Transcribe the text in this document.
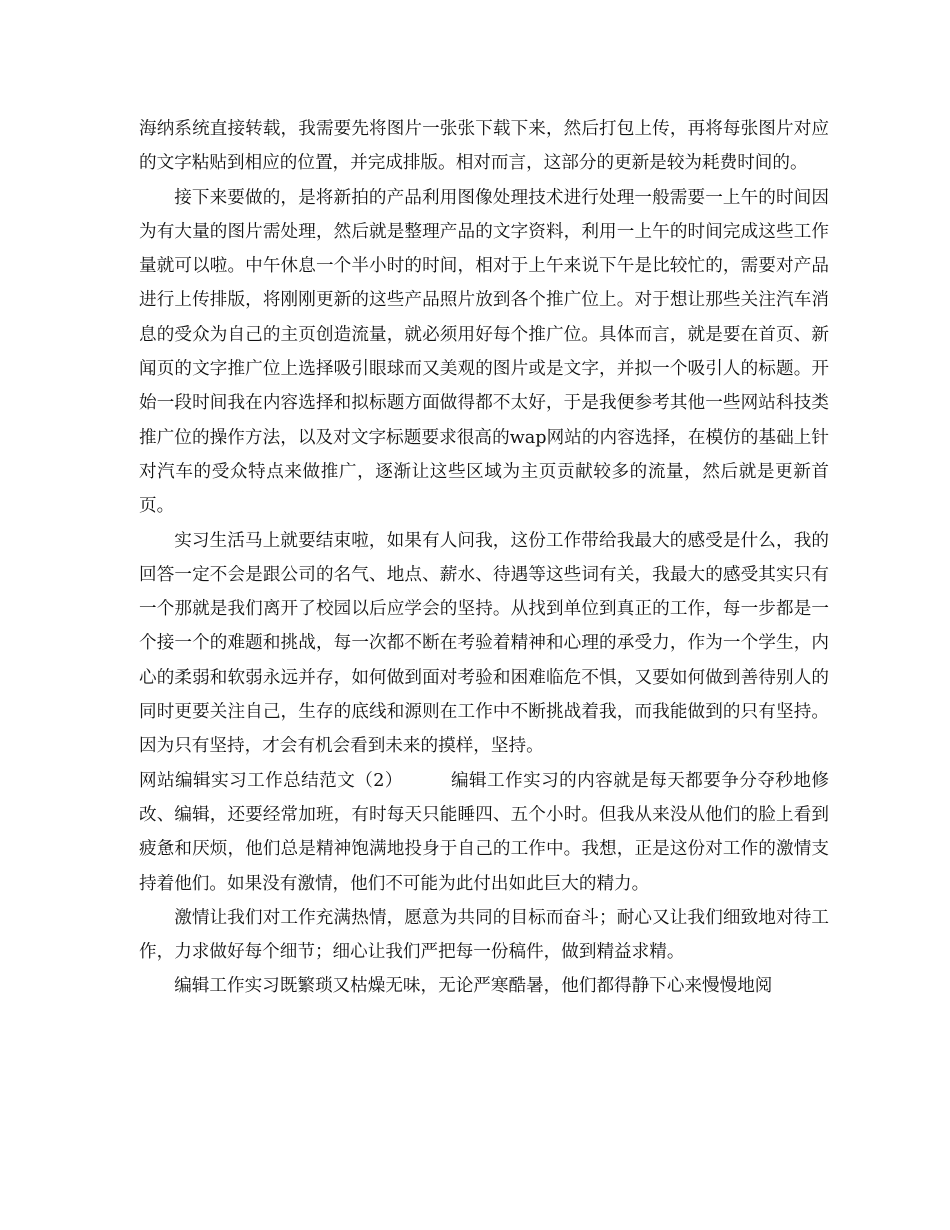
海纳系统直接转载，我需要先将图片一张张下载下来，然后打包上传，再将每张图片对应的文字粘贴到相应的位置，并完成排版。相对而言，这部分的更新是较为耗费时间的。

接下来要做的，是将新拍的产品利用图像处理技术进行处理一般需要一上午的时间因为有大量的图片需处理，然后就是整理产品的文字资料，利用一上午的时间完成这些工作量就可以啦。中午休息一个半小时的时间，相对于上午来说下午是比较忙的，需要对产品进行上传排版，将刚刚更新的这些产品照片放到各个推广位上。对于想让那些关注汽车消息的受众为自己的主页创造流量，就必须用好每个推广位。具体而言，就是要在首页、新闻页的文字推广位上选择吸引眼球而又美观的图片或是文字，并拟一个吸引人的标题。开始一段时间我在内容选择和拟标题方面做得都不太好，于是我便参考其他一些网站科技类推广位的操作方法，以及对文字标题要求很高的wap网站的内容选择，在模仿的基础上针对汽车的受众特点来做推广，逐渐让这些区域为主页贡献较多的流量，然后就是更新首页。

实习生活马上就要结束啦，如果有人问我，这份工作带给我最大的感受是什么，我的回答一定不会是跟公司的名气、地点、薪水、待遇等这些词有关，我最大的感受其实只有一个那就是我们离开了校园以后应学会的坚持。从找到单位到真正的工作，每一步都是一个接一个的难题和挑战，每一次都不断在考验着精神和心理的承受力，作为一个学生，内心的柔弱和软弱永远并存，如何做到面对考验和困难临危不惧，又要如何做到善待别人的同时更要关注自己，生存的底线和源则在工作中不断挑战着我，而我能做到的只有坚持。因为只有坚持，才会有机会看到未来的摸样，坚持。

网站编辑实习工作总结范文（2）	编辑工作实习的内容就是每天都要争分夺秒地修改、编辑，还要经常加班，有时每天只能睡四、五个小时。但我从来没从他们的脸上看到疲惫和厌烦，他们总是精神饱满地投身于自己的工作中。我想，正是这份对工作的激情支持着他们。如果没有激情，他们不可能为此付出如此巨大的精力。

激情让我们对工作充满热情，愿意为共同的目标而奋斗；耐心又让我们细致地对待工作，力求做好每个细节；细心让我们严把每一份稿件，做到精益求精。

编辑工作实习既繁琐又枯燥无味，无论严寒酷暑，他们都得静下心来慢慢地阅
